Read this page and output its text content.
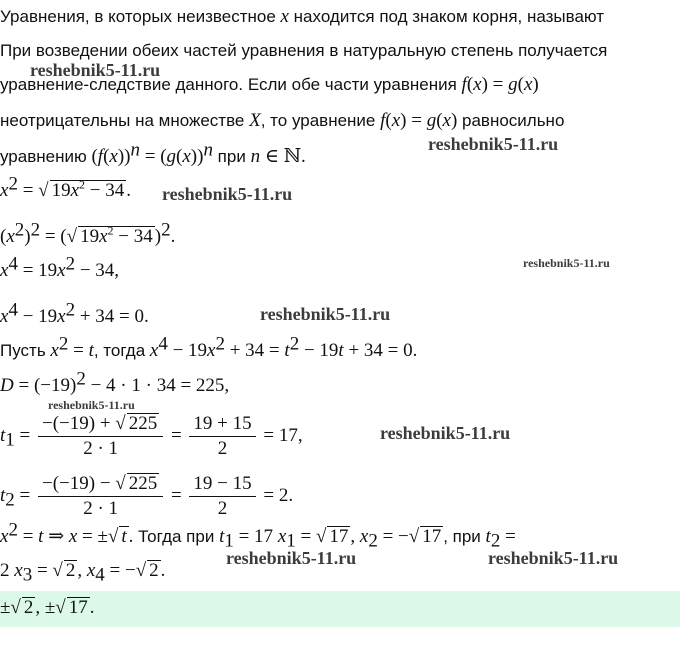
Уравнения, в которых неизвестное x находится под знаком корня, называют
При возведении обеих частей уравнения в натуральную степень получается
уравнение-следствие данного. Если обе части уравнения f(x) = g(x)
неотрицательны на множестве X, то уравнение f(x) = g(x) равносильно
уравнению $(f(x))^n = (g(x))^n$ при n ∈ ℕ.
$x^2$ = √ $19x^2 - 34$ .
$(x^2)^2$ = (√ $19x^2 - 34$ )$^2$.
$x^4 = 19x^2 - 34$,
$x^4 - 19x^2 + 34 = 0$.
Пусть $x^2 = t$, тогда $x^4 - 19x^2 + 34 = t^2 - 19t + 34 = 0$.
$D = (-19)^2 - 4 \cdot 1 \cdot 34 = 225$,
$t_1 = \frac{-(-19) + √ 225}{2 \cdot 1} = \frac{19 + 15}{2} = 17$,
$t_2 = \frac{-(-19) - √ 225}{2 \cdot 1} = \frac{19 - 15}{2} = 2$.
$x^2 = t$ ⇒ x = ±√ t . Тогда при $t_1 = 17$ $x_1$ = √ 17 , $x_2$ = −√ 17 , при $t_2$ =
2 $x_3$ = √ 2 , $x_4$ = −√ 2 .
±√ 2 , ±√ 17 .
reshebnik5-11.ru
reshebnik5-11.ru
reshebnik5-11.ru
reshebnik5-11.ru
reshebnik5-11.ru
reshebnik5-11.ru
reshebnik5-11.ru
reshebnik5-11.ru	reshebnik5-11.ru
